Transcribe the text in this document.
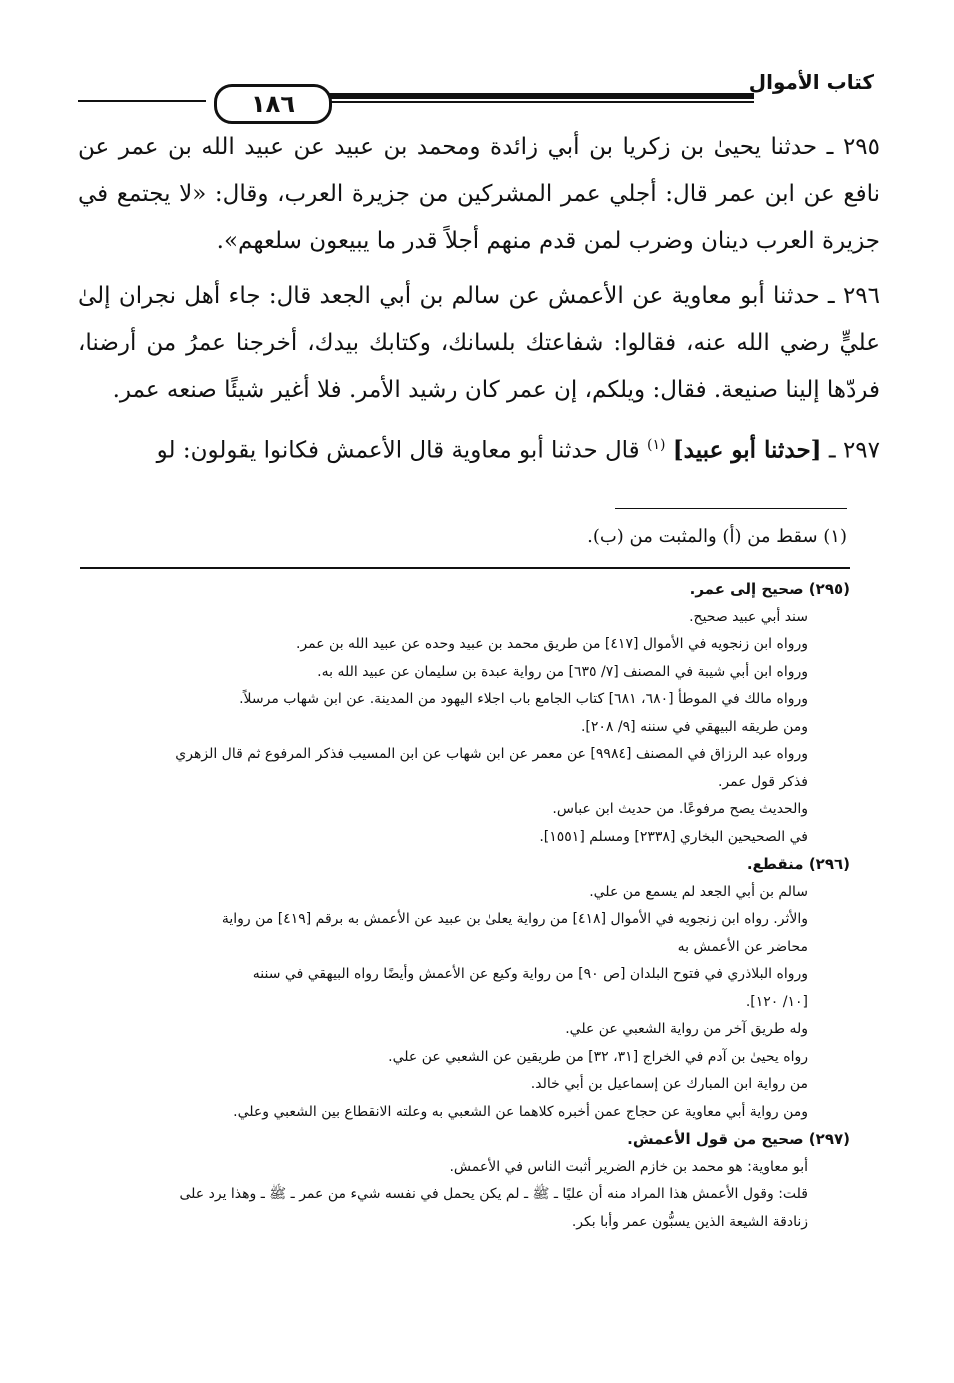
١٨٦
كتاب الأموال

٢٩٥ ـ حدثنا يحيىٰ بن زكريا بن أبي زائدة ومحمد بن عبيد عن عبيد الله بن عمر عن نافع عن ابن عمر قال: أجلي عمر المشركين من جزيرة العرب، وقال: «لا يجتمع في جزيرة العرب دينان وضرب لمن قدم منهم أجلاً قدر ما يبيعون سلعهم».

٢٩٦ ـ حدثنا أبو معاوية عن الأعمش عن سالم بن أبي الجعد قال: جاء أهل نجران إلىٰ عليٍّ رضي الله عنه، فقالوا: شفاعتك بلسانك، وكتابك بيدك، أخرجنا عمرُ من أرضنا، فردّها إلينا صنيعة. فقال: ويلكم، إن عمر كان رشيد الأمر. فلا أغير شيئًا صنعه عمر.

٢٩٧ ـ [حدثنا أبو عبيد] $^{(١)}$ قال حدثنا أبو معاوية قال الأعمش فكانوا يقولون: لو

(١) سقط من (أ) والمثبت من (ب).
(٢٩٥) صحيح إلى عمر.
سند أبي عبيد صحيح.
ورواه ابن زنجويه في الأموال [٤١٧] من طريق محمد بن عبيد وحده عن عبيد الله بن عمر.
ورواه ابن أبي شيبة في المصنف [٧/ ٦٣٥] من رواية عبدة بن سليمان عن عبيد الله به.
ورواه مالك في الموطأ [٦٨٠، ٦٨١] كتاب الجامع باب اجلاء اليهود من المدينة. عن ابن شهاب مرسلاً.
ومن طريقه البيهقي في سننه [٩/ ٢٠٨].
ورواه عبد الرزاق في المصنف [٩٩٨٤] عن معمر عن ابن شهاب عن ابن المسيب فذكر المرفوع ثم قال الزهري
فذكر قول عمر.
والحديث يصح مرفوعًا. من حديث ابن عباس.
في الصحيحين البخاري [٢٣٣٨] ومسلم [١٥٥١].
(٢٩٦) منقطع.
سالم بن أبي الجعد لم يسمع من علي.
والأثر. رواه ابن زنجويه في الأموال [٤١٨] من رواية يعلىٰ بن عبيد عن الأعمش به برقم [٤١٩] من رواية
محاضر عن الأعمش به
ورواه البلاذري في فتوح البلدان [ص ٩٠] من رواية وكيع عن الأعمش وأيضًا رواه البيهقي في سننه
[١٠/ ١٢٠].
وله طريق آخر من رواية الشعبي عن علي.
رواه يحيىٰ بن آدم في الخراج [٣١، ٣٢] من طريقين عن الشعبي عن علي.
من رواية ابن المبارك عن إسماعيل بن أبي خالد.
ومن رواية أبي معاوية عن حجاج عمن أخبره كلاهما عن الشعبي به وعلته الانقطاع بين الشعبي وعلي.
(٢٩٧) صحيح من قول الأعمش.
أبو معاوية: هو محمد بن خازم الضرير أثبت الناس في الأعمش.
قلت: وقول الأعمش هذا المراد منه أن عليًا ـ ﷺ ـ لم يكن يحمل في نفسه شيء من عمر ـ ﷺ ـ وهذا يرد على
زنادقة الشيعة الذين يسبُّون عمر وأبا بكر.
